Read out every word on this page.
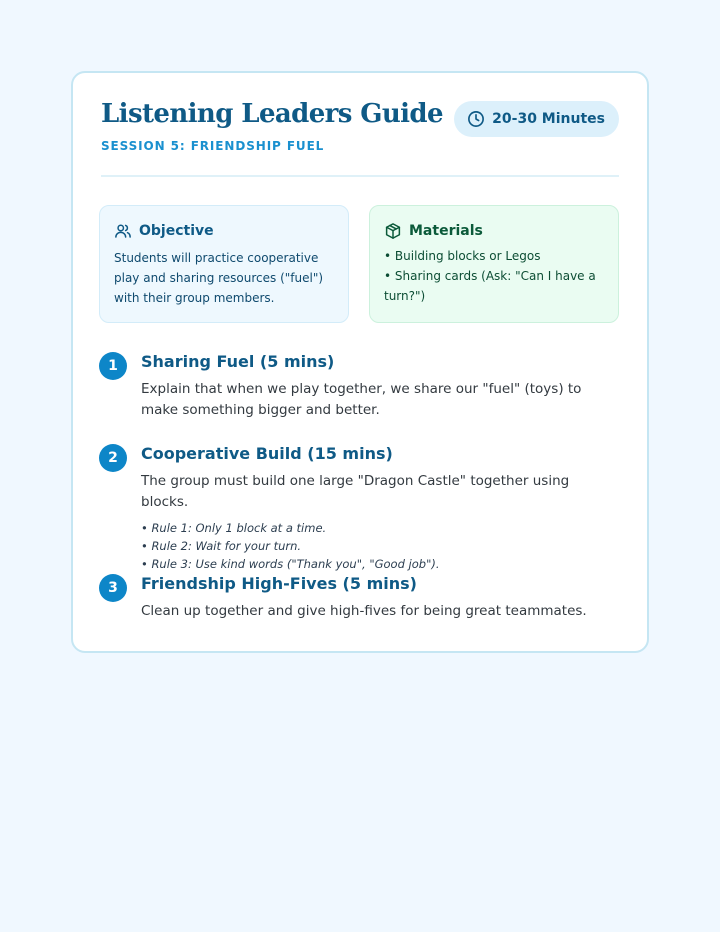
Listening Leaders Guide
SESSION 5: FRIENDSHIP FUEL
20-30 Minutes
Objective
Students will practice cooperative play and sharing resources ("fuel") with their group members.
Materials
• Building blocks or Legos
• Sharing cards (Ask: "Can I have a turn?")
1	Sharing Fuel (5 mins)
Explain that when we play together, we share our "fuel" (toys) to make something bigger and better.
2	Cooperative Build (15 mins)
The group must build one large "Dragon Castle" together using blocks.
• Rule 1: Only 1 block at a time.
• Rule 2: Wait for your turn.
• Rule 3: Use kind words ("Thank you", "Good job").
3	Friendship High-Fives (5 mins)
Clean up together and give high-fives for being great teammates.
